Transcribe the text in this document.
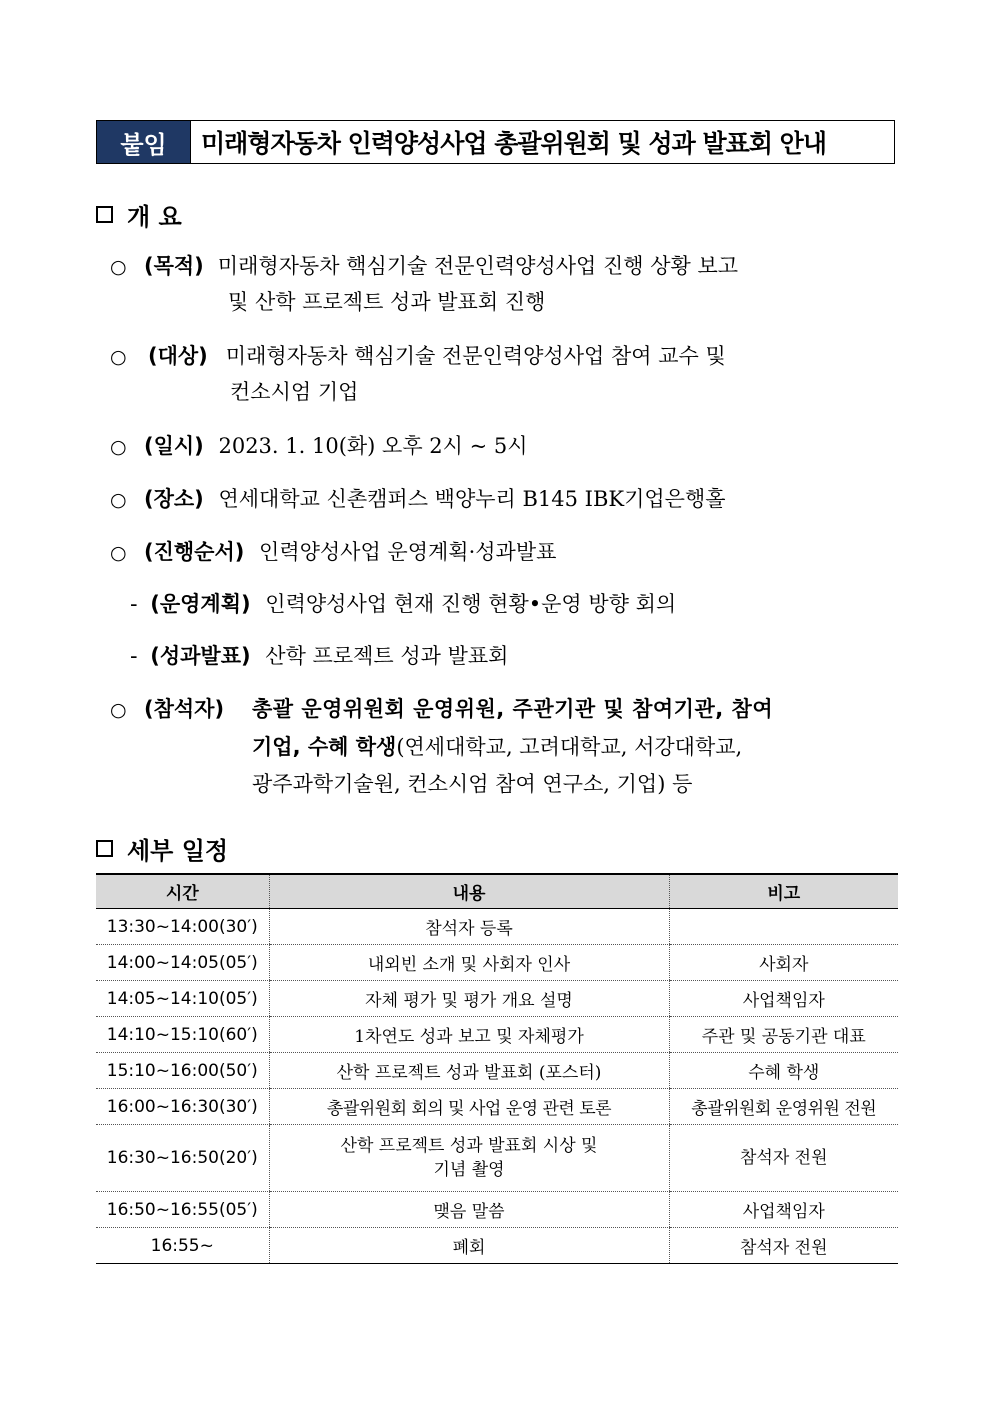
붙임	미래형자동차 인력양성사업 총괄위원회 및 성과 발표회 안내
개 요
○ (목적) 미래형자동차 핵심기술 전문인력양성사업 진행 상황 보고
및 산학 프로젝트 성과 발표회 진행
○ (대상) 미래형자동차 핵심기술 전문인력양성사업 참여 교수 및
컨소시엄 기업
○ (일시) 2023. 1. 10(화) 오후 2시 ~ 5시
○ (장소) 연세대학교 신촌캠퍼스 백양누리 B145 IBK기업은행홀
○ (진행순서) 인력양성사업 운영계획·성과발표
- (운영계획) 인력양성사업 현재 진행 현황•운영 방향 회의
- (성과발표) 산학 프로젝트 성과 발표회
○ (참석자) 총괄 운영위원회 운영위원, 주관기관 및 참여기관, 참여
기업, 수혜 학생(연세대학교, 고려대학교, 서강대학교,
광주과학기술원, 컨소시엄 참여 연구소, 기업) 등
세부 일정
시간	내용	비고
13:30~14:00(30′)	참석자 등록	
14:00~14:05(05′)	내외빈 소개 및 사회자 인사	사회자
14:05~14:10(05′)	자체 평가 및 평가 개요 설명	사업책임자
14:10~15:10(60′)	1차연도 성과 보고 및 자체평가	주관 및 공동기관 대표
15:10~16:00(50′)	산학 프로젝트 성과 발표회 (포스터)	수혜 학생
16:00~16:30(30′)	총괄위원회 회의 및 사업 운영 관련 토론	총괄위원회 운영위원 전원
16:30~16:50(20′)	산학 프로젝트 성과 발표회 시상 및
기념 촬영	참석자 전원
16:50~16:55(05′)	맺음 말씀	사업책임자
16:55~	폐회	참석자 전원
